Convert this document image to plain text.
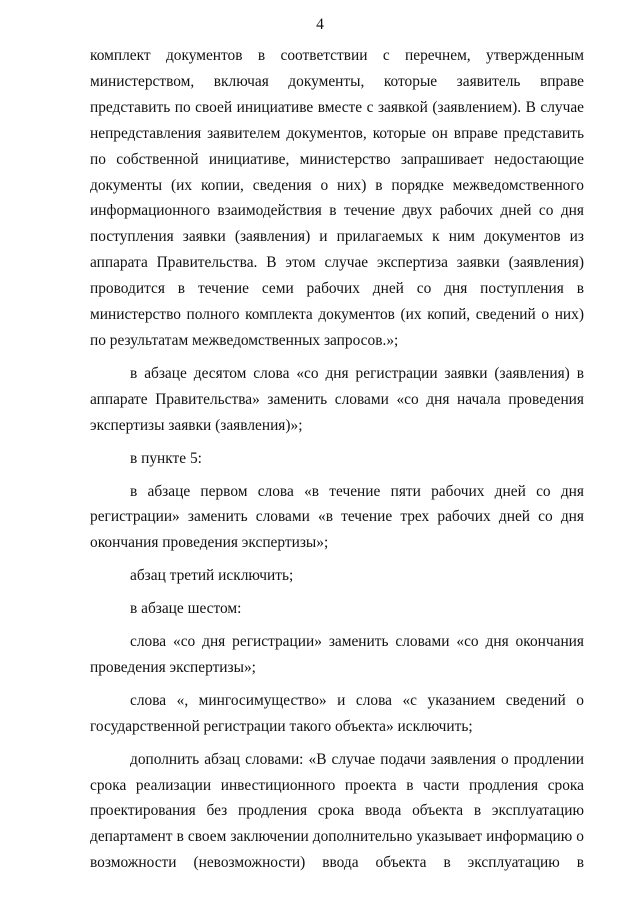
4

комплект документов в соответствии с перечнем, утвержденным министерством, включая документы, которые заявитель вправе представить по своей инициативе вместе с заявкой (заявлением). В случае непредставления заявителем документов, которые он вправе представить по собственной инициативе, министерство запрашивает недостающие документы (их копии, сведения о них) в порядке межведомственного информационного взаимодействия в течение двух рабочих дней со дня поступления заявки (заявления) и прилагаемых к ним документов из аппарата Правительства. В этом случае экспертиза заявки (заявления) проводится в течение семи рабочих дней со дня поступления в министерство полного комплекта документов (их копий, сведений о них) по результатам межведомственных запросов.»;

в абзаце десятом слова «со дня регистрации заявки (заявления) в аппарате Правительства» заменить словами «со дня начала проведения экспертизы заявки (заявления)»;

в пункте 5:

в абзаце первом слова «в течение пяти рабочих дней со дня регистрации» заменить словами «в течение трех рабочих дней со дня окончания проведения экспертизы»;

абзац третий исключить;

в абзаце шестом:

слова «со дня регистрации» заменить словами «со дня окончания проведения экспертизы»;

слова «, мингосимущество» и слова «с указанием сведений о государственной регистрации такого объекта» исключить;

дополнить абзац словами: «В случае подачи заявления о продлении срока реализации инвестиционного проекта в части продления срока проектирования без продления срока ввода объекта в эксплуатацию департамент в своем заключении дополнительно указывает информацию о возможности (невозможности) ввода объекта в эксплуатацию в
